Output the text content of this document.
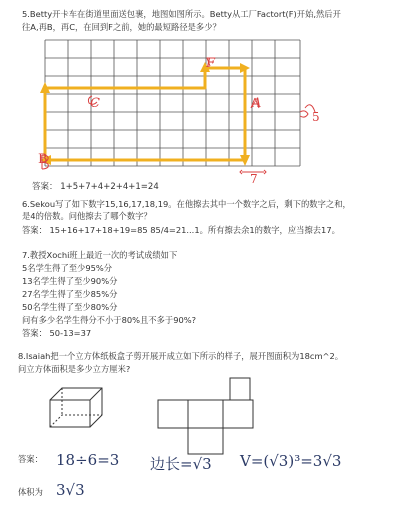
5.Betty开卡车在街道里面送包裹，地图如图所示。Betty从工厂Factort(F)开始,然后开
往A,再B，再C，在回到F之前，她的最短路径是多少？
答案： 1+5+7+4+2+4+1=24
6.Sekou写了如下数字15,16,17,18,19。在他擦去其中一个数字之后，剩下的数字之和，
是4的倍数。问他擦去了哪个数字？
答案： 15+16+17+18+19=85 85/4=21...1。所有擦去余1的数字，应当擦去17。
7.教授Xochi班上最近一次的考试成绩如下
5名学生得了至少95%分
13名学生得了至少90%分
27名学生得了至少85%分
50名学生得了至少80%分
问有多少名学生得分不小于80%且不多于90%?
答案： 50-13=37
8.Isaiah把一个立方体纸板盒子剪开展开成立如下所示的样子，展开图面积为18cm^2。
问立方体面积是多少立方厘米?
答案： 18÷6=3 边长=√3 V=(√3)³=3√3
体积为 3√3
C
F
A
B
5
7
